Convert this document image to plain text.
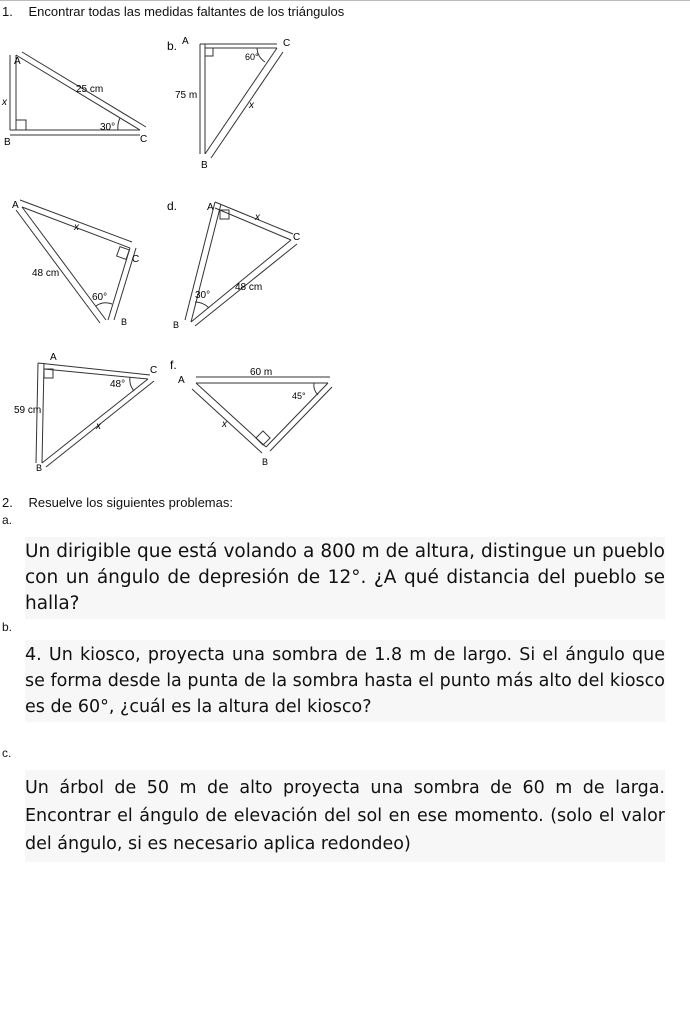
1. Encontrar todas las medidas faltantes de los triángulos
A
B	C
25 cm
x
30°
b. A
B
C
75 m
x
60°
A
B
C
48 cm
x
60°
d.	A
B
C
48 cm
x
30°
A
B
C
59 cm
x
48°
f.
A
B
60 m
x
45°
2. Resuelve los siguientes problemas:
a.
Un dirigible que está volando a 800 m de altura, distingue un pueblo con un ángulo de depresión de 12°. ¿A qué distancia del pueblo se halla?
b.
4. Un kiosco, proyecta una sombra de 1.8 m de largo. Si el ángulo que se forma desde la punta de la sombra hasta el punto más alto del kiosco es de 60°, ¿cuál es la altura del kiosco?
c.
Un árbol de 50 m de alto proyecta una sombra de 60 m de larga. Encontrar el ángulo de elevación del sol en ese momento. (solo el valor del ángulo, si es necesario aplica redondeo)
